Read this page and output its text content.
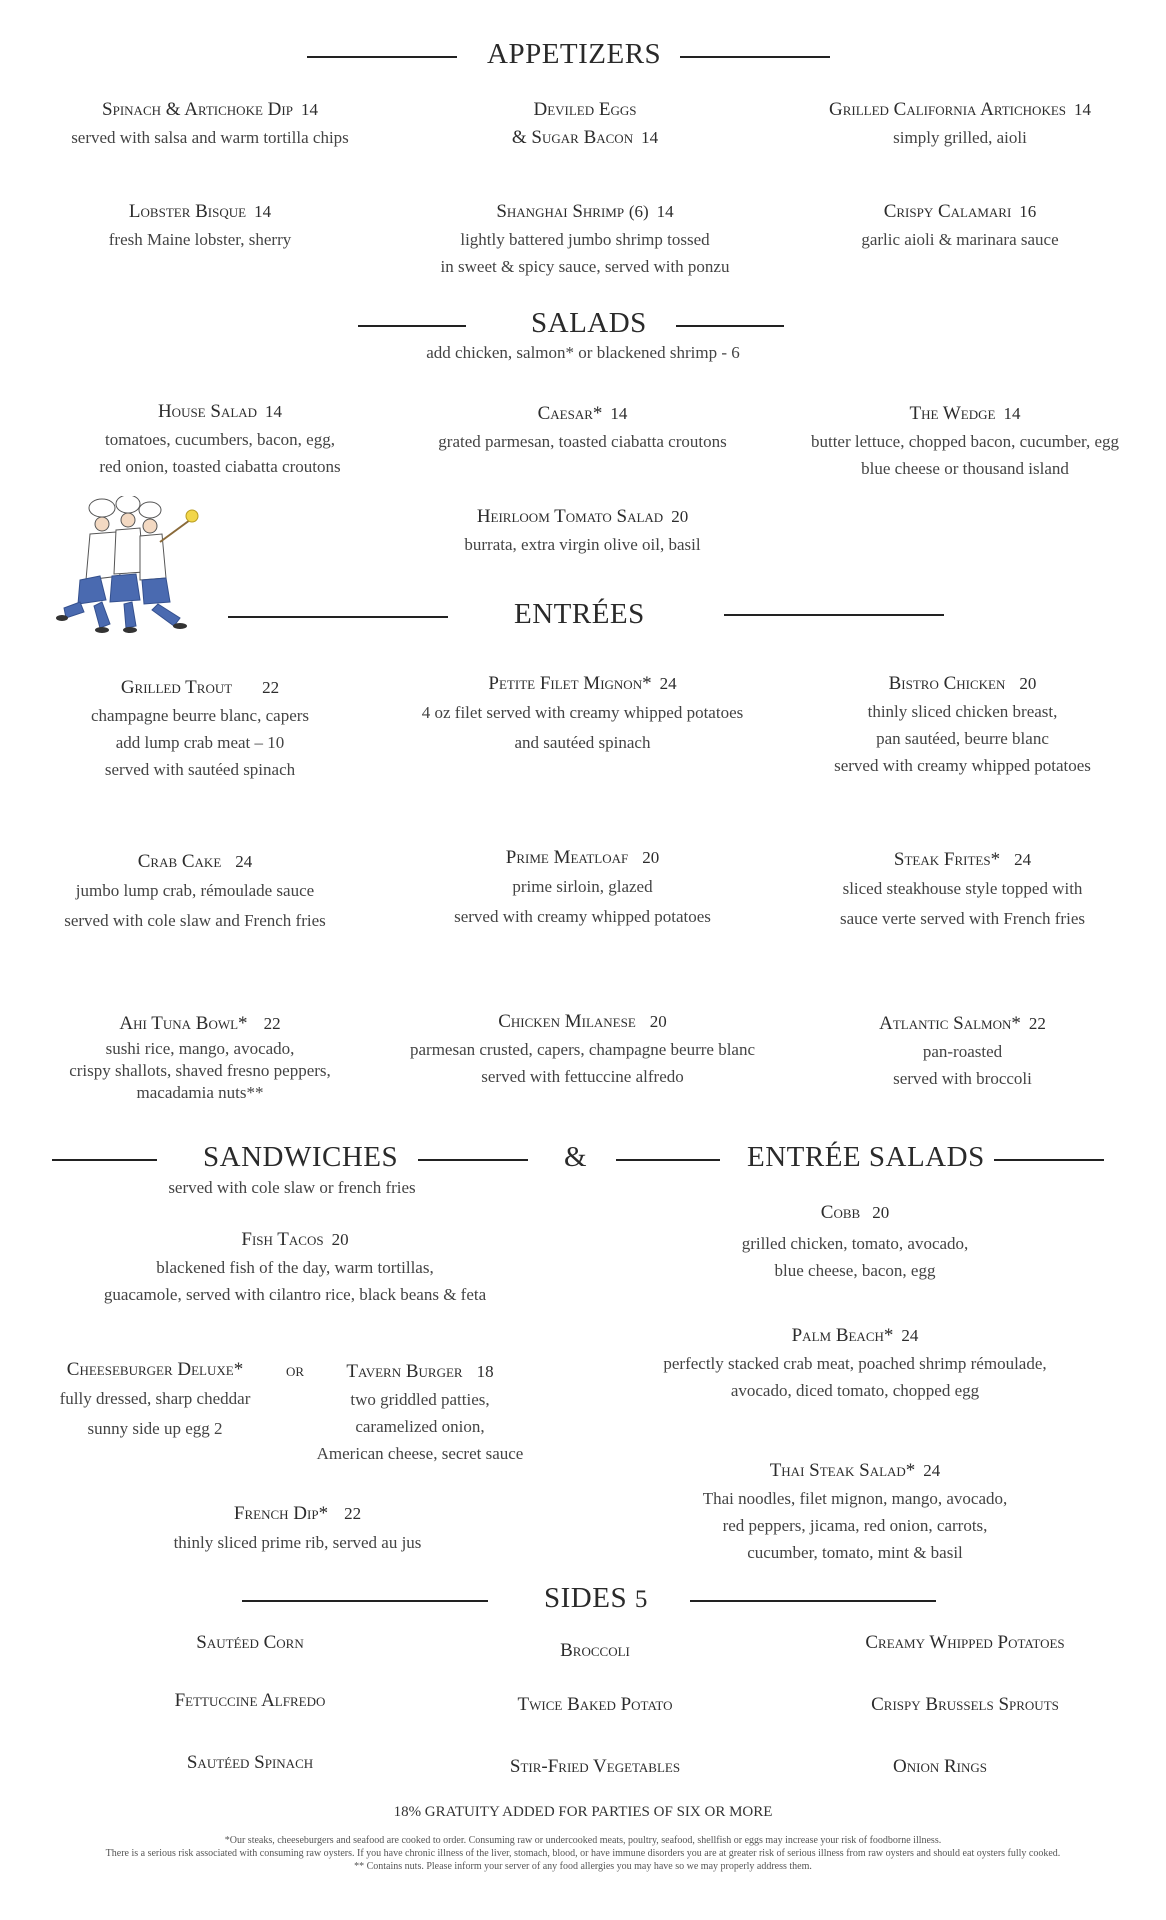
APPETIZERS
Spinach & Artichoke Dip 14
served with salsa and warm tortilla chips
Deviled Eggs
& Sugar Bacon 14
Grilled California Artichokes 14
simply grilled, aioli
Lobster Bisque 14
fresh Maine lobster, sherry
Shanghai Shrimp (6) 14
lightly battered jumbo shrimp tossed
in sweet & spicy sauce, served with ponzu
Crispy Calamari 16
garlic aioli & marinara sauce
SALADS
add chicken, salmon* or blackened shrimp - 6
House Salad 14
tomatoes, cucumbers, bacon, egg,
red onion, toasted ciabatta croutons
Caesar* 14
grated parmesan, toasted ciabatta croutons
The Wedge 14
butter lettuce, chopped bacon, cucumber, egg
blue cheese or thousand island
Heirloom Tomato Salad 20
burrata, extra virgin olive oil, basil
ENTRÉES
Grilled Trout 22
champagne beurre blanc, capers
add lump crab meat – 10
served with sautéed spinach
Petite Filet Mignon* 24
4 oz filet served with creamy whipped potatoes
and sautéed spinach
Bistro Chicken 20
thinly sliced chicken breast,
pan sautéed, beurre blanc
served with creamy whipped potatoes
Crab Cake 24
jumbo lump crab, rémoulade sauce
served with cole slaw and French fries
Prime Meatloaf 20
prime sirloin, glazed
served with creamy whipped potatoes
Steak Frites* 24
sliced steakhouse style topped with
sauce verte served with French fries
Ahi Tuna Bowl* 22
sushi rice, mango, avocado,
crispy shallots, shaved fresno peppers,
macadamia nuts**
Chicken Milanese 20
parmesan crusted, capers, champagne beurre blanc
served with fettuccine alfredo
Atlantic Salmon* 22
pan-roasted
served with broccoli
SANDWICHES	&	ENTRÉE SALADS
served with cole slaw or french fries
Fish Tacos 20
blackened fish of the day, warm tortillas,
guacamole, served with cilantro rice, black beans & feta
Cheeseburger Deluxe*
fully dressed, sharp cheddar
sunny side up egg 2
or	Tavern Burger 18
two griddled patties,
caramelized onion,
American cheese, secret sauce
French Dip* 22
thinly sliced prime rib, served au jus
Cobb 20
grilled chicken, tomato, avocado,
blue cheese, bacon, egg
Palm Beach* 24
perfectly stacked crab meat, poached shrimp rémoulade,
avocado, diced tomato, chopped egg
Thai Steak Salad* 24
Thai noodles, filet mignon, mango, avocado,
red peppers, jicama, red onion, carrots,
cucumber, tomato, mint & basil
SIDES 5
Sautéed Corn	Broccoli	Creamy Whipped Potatoes
Fettuccine Alfredo	Twice Baked Potato	Crispy Brussels Sprouts
Sautéed Spinach	Stir-Fried Vegetables	Onion Rings
18% GRATUITY ADDED FOR PARTIES OF SIX OR MORE
*Our steaks, cheeseburgers and seafood are cooked to order. Consuming raw or undercooked meats, poultry, seafood, shellfish or eggs may increase your risk of foodborne illness.
There is a serious risk associated with consuming raw oysters. If you have chronic illness of the liver, stomach, blood, or have immune disorders you are at greater risk of serious illness from raw oysters and should eat oysters fully cooked.
** Contains nuts. Please inform your server of any food allergies you may have so we may properly address them.
